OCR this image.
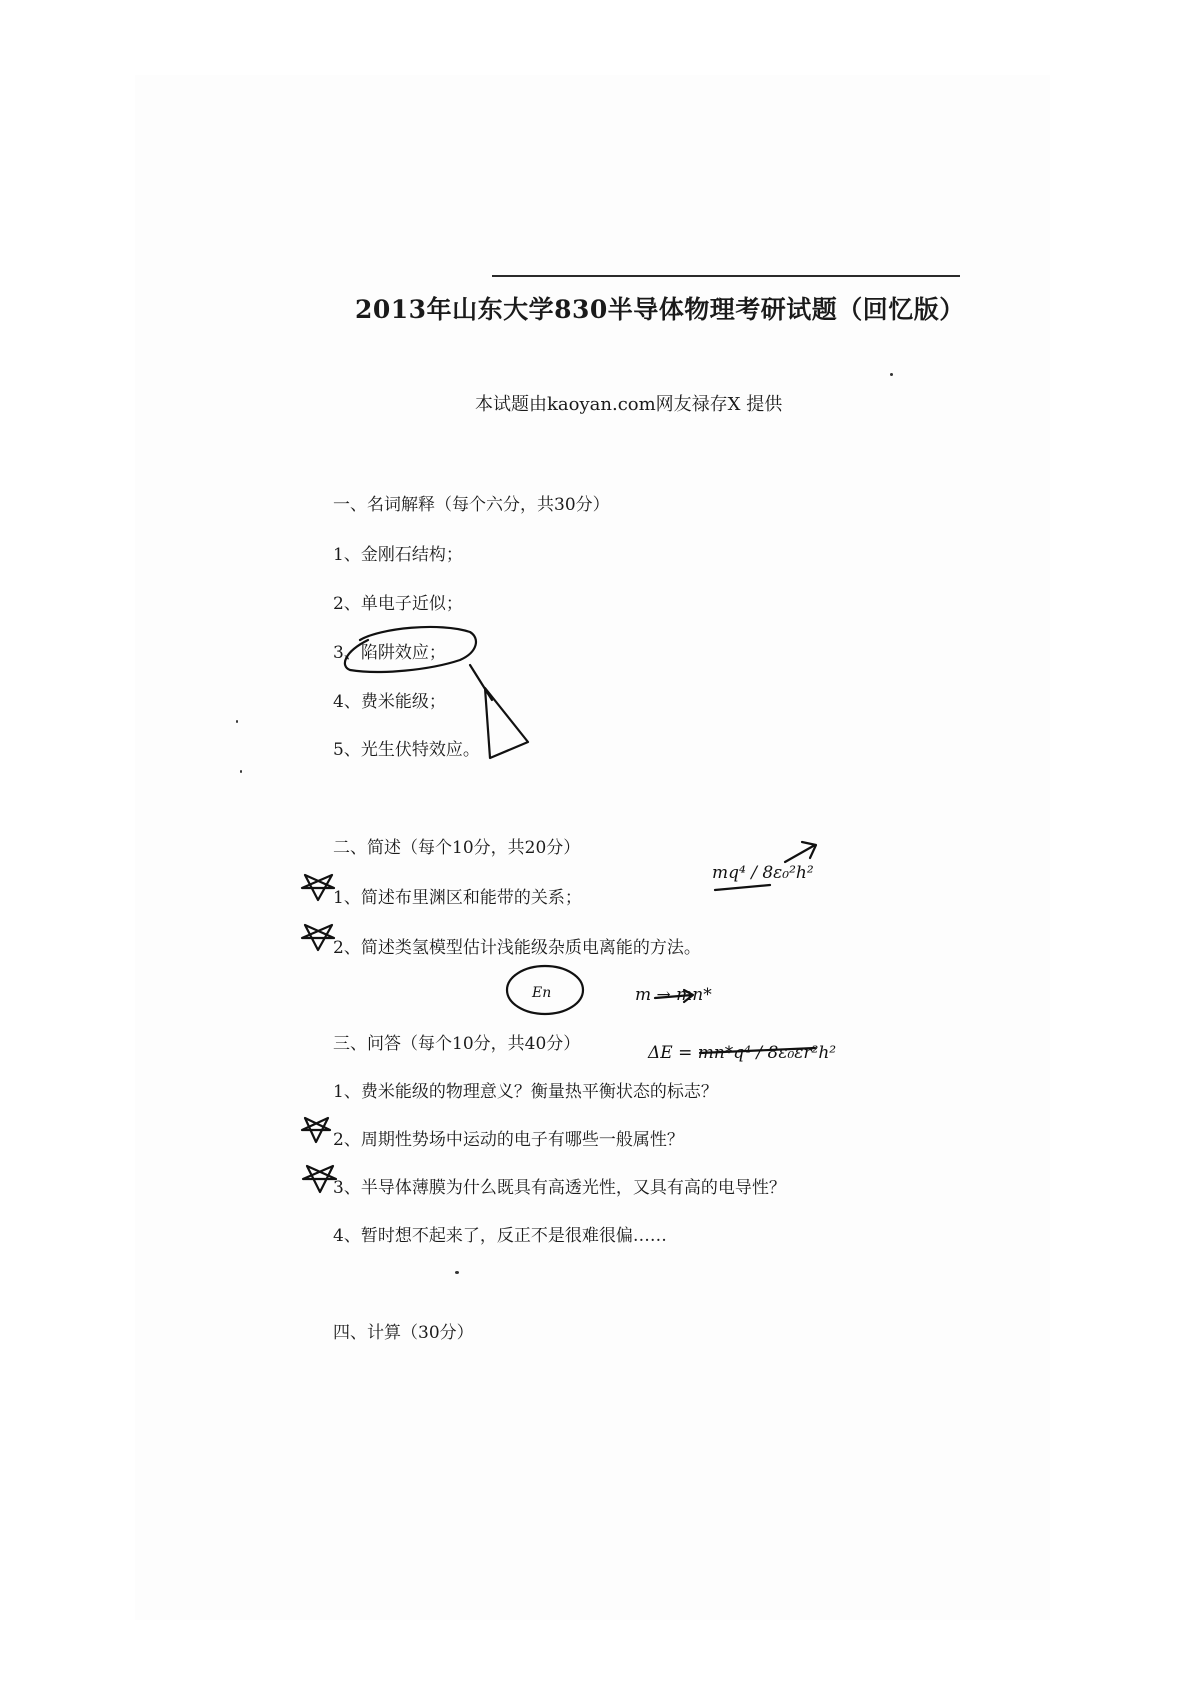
2013年山东大学830半导体物理考研试题（回忆版）
本试题由kaoyan.com网友禄存X 提供
一、名词解释（每个六分，共30分）
1、金刚石结构；
2、单电子近似；
3、陷阱效应；
4、费米能级；
5、光生伏特效应。
二、简述（每个10分，共20分）
1、简述布里渊区和能带的关系；
2、简述类氢模型估计浅能级杂质电离能的方法。
三、问答（每个10分，共40分）
1、费米能级的物理意义？衡量热平衡状态的标志？
2、周期性势场中运动的电子有哪些一般属性？
3、半导体薄膜为什么既具有高透光性，又具有高的电导性？
4、暂时想不起来了，反正不是很难很偏……
四、计算（30分）
mq⁴ / 8ε₀²h²
En	m → mn*
ΔE = mn*q⁴ / 8ε₀εr²h²
